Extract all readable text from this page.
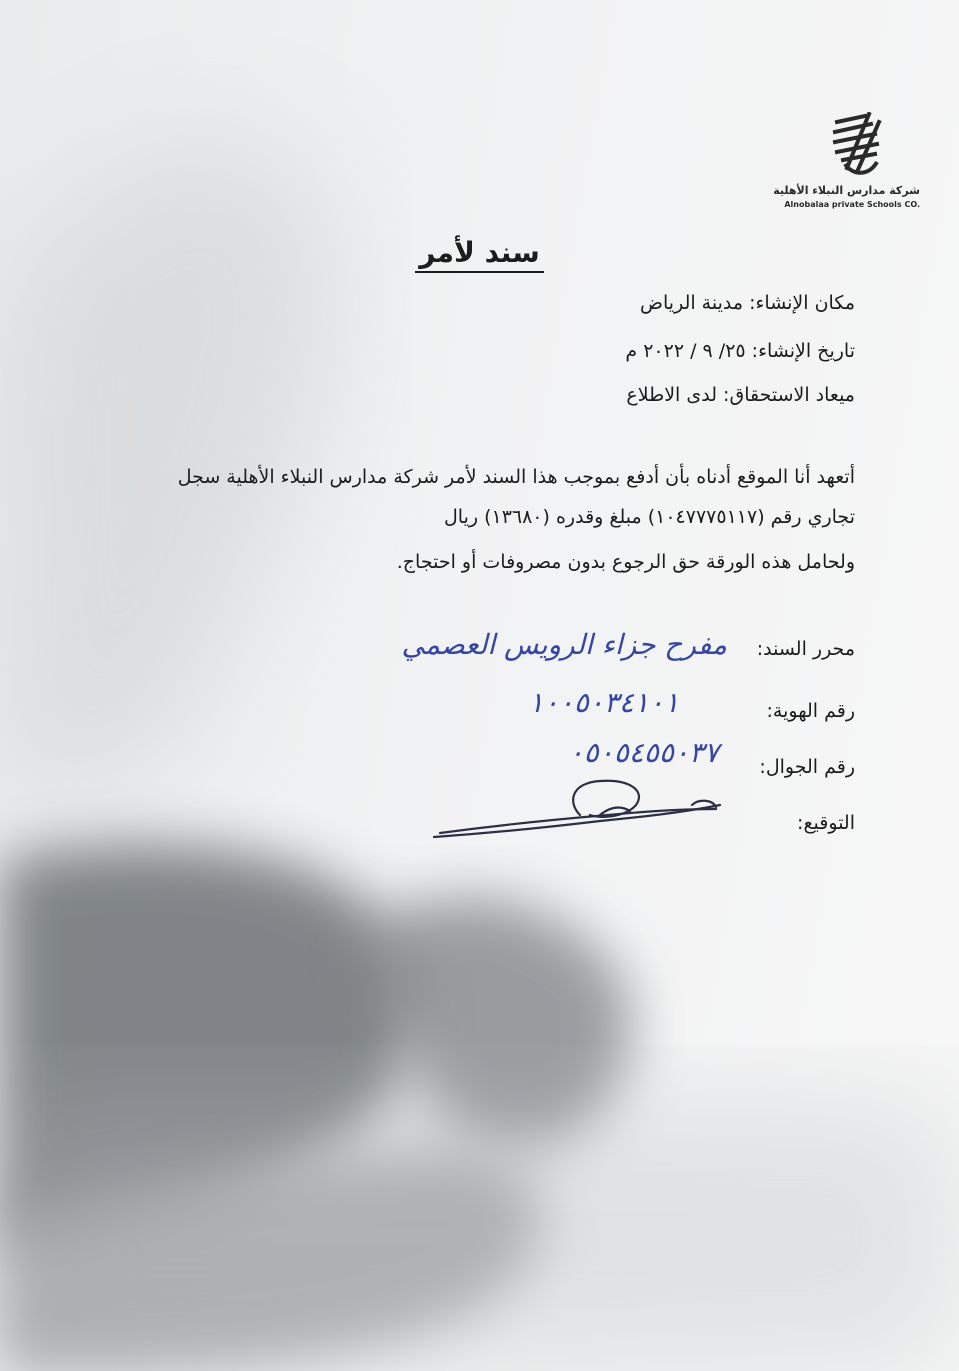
شركة مدارس النبلاء الأهلية
Alnobalaa private Schools CO.
سند لأمر
مكان الإنشاء: مدينة الرياض
تاريخ الإنشاء: ٢٥/ ٩ / ٢٠٢٢ م
ميعاد الاستحقاق: لدى الاطلاع
أتعهد أنا الموقع أدناه بأن أدفع بموجب هذا السند لأمر شركة مدارس النبلاء الأهلية سجل
تجاري رقم (١٠٤٧٧٧٥١١٧) مبلغ وقدره (١٣٦٨٠) ريال
ولحامل هذه الورقة حق الرجوع بدون مصروفات أو احتجاج.
محرر السند:
مفرح جزاء الرويس العصمي
رقم الهوية:
١٠٠٥٠٣٤١٠١
رقم الجوال:
٠٥٠٥٤٥٥٠٣٧
التوقيع:
